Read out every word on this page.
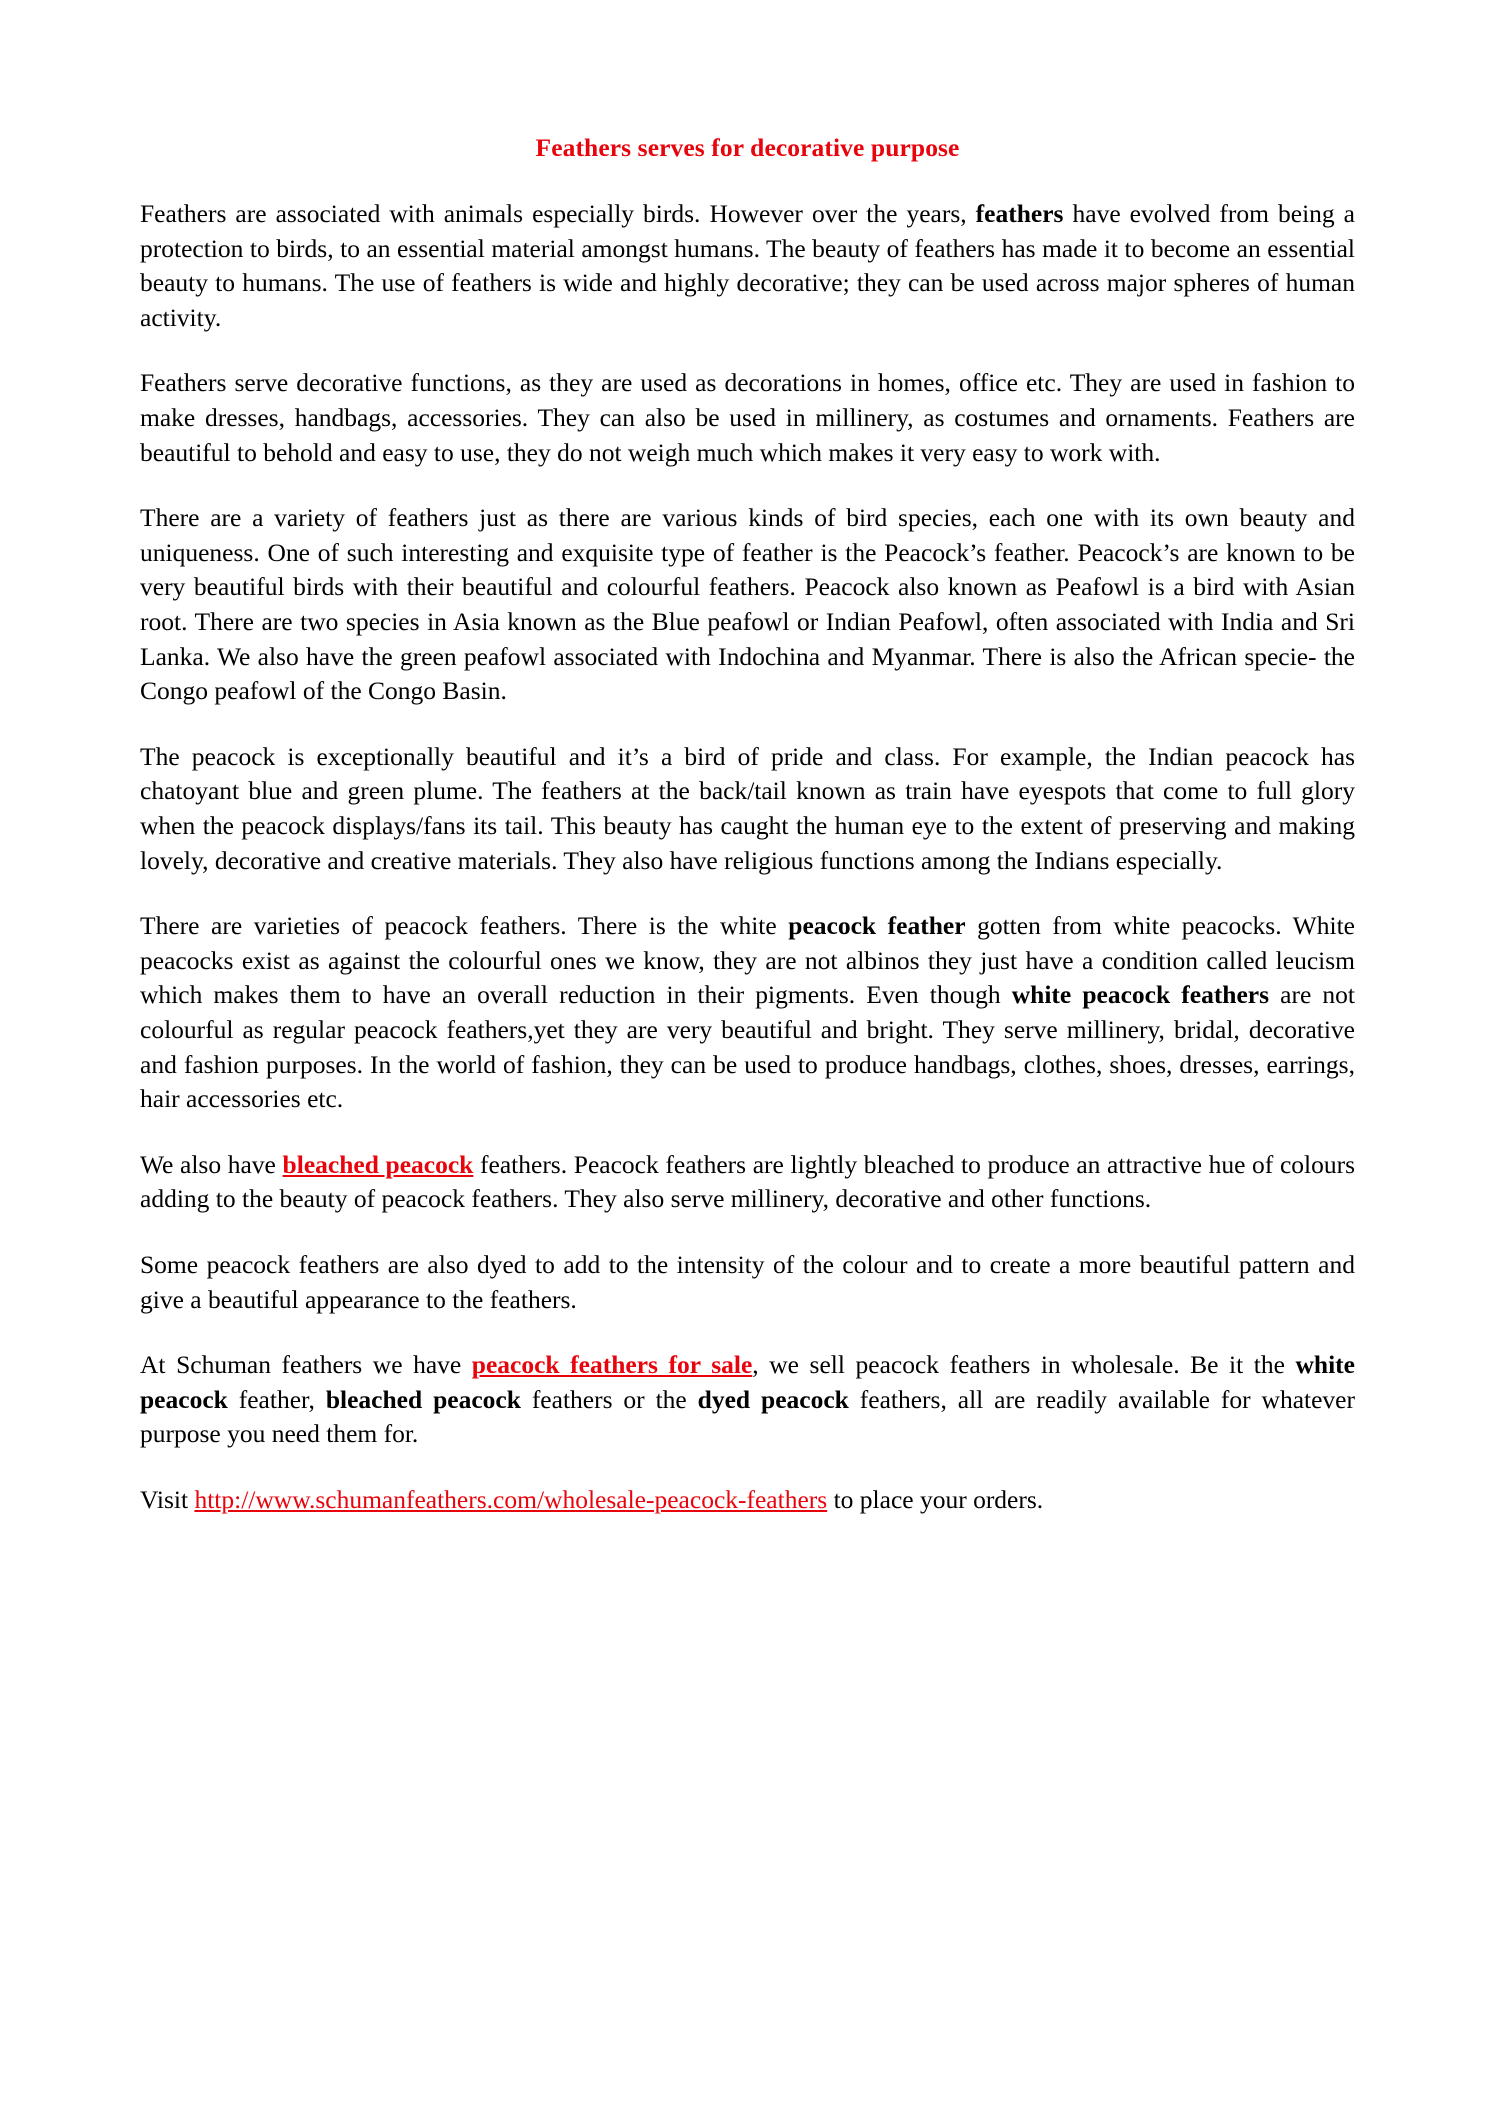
Feathers serves for decorative purpose

Feathers are associated with animals especially birds. However over the years, feathers have evolved from being a protection to birds, to an essential material amongst humans. The beauty of feathers has made it to become an essential beauty to humans. The use of feathers is wide and highly decorative; they can be used across major spheres of human activity.

Feathers serve decorative functions, as they are used as decorations in homes, office etc. They are used in fashion to make dresses, handbags, accessories. They can also be used in millinery, as costumes and ornaments. Feathers are beautiful to behold and easy to use, they do not weigh much which makes it very easy to work with.

There are a variety of feathers just as there are various kinds of bird species, each one with its own beauty and uniqueness. One of such interesting and exquisite type of feather is the Peacock’s feather. Peacock’s are known to be very beautiful birds with their beautiful and colourful feathers. Peacock also known as Peafowl is a bird with Asian root. There are two species in Asia known as the Blue peafowl or Indian Peafowl, often associated with India and Sri Lanka. We also have the green peafowl associated with Indochina and Myanmar. There is also the African specie- the Congo peafowl of the Congo Basin.

The peacock is exceptionally beautiful and it’s a bird of pride and class. For example, the Indian peacock has chatoyant blue and green plume. The feathers at the back/tail known as train have eyespots that come to full glory when the peacock displays/fans its tail. This beauty has caught the human eye to the extent of preserving and making lovely, decorative and creative materials. They also have religious functions among the Indians especially.

There are varieties of peacock feathers. There is the white peacock feather gotten from white peacocks. White peacocks exist as against the colourful ones we know, they are not albinos they just have a condition called leucism which makes them to have an overall reduction in their pigments. Even though white peacock feathers are not colourful as regular peacock feathers,yet they are very beautiful and bright. They serve millinery, bridal, decorative and fashion purposes. In the world of fashion, they can be used to produce handbags, clothes, shoes, dresses, earrings, hair accessories etc.

We also have bleached peacock feathers. Peacock feathers are lightly bleached to produce an attractive hue of colours adding to the beauty of peacock feathers. They also serve millinery, decorative and other functions.

Some peacock feathers are also dyed to add to the intensity of the colour and to create a more beautiful pattern and give a beautiful appearance to the feathers.

At Schuman feathers we have peacock feathers for sale, we sell peacock feathers in wholesale. Be it the white peacock feather, bleached peacock feathers or the dyed peacock feathers, all are readily available for whatever purpose you need them for.

Visit http://www.schumanfeathers.com/wholesale-peacock-feathers to place your orders.
